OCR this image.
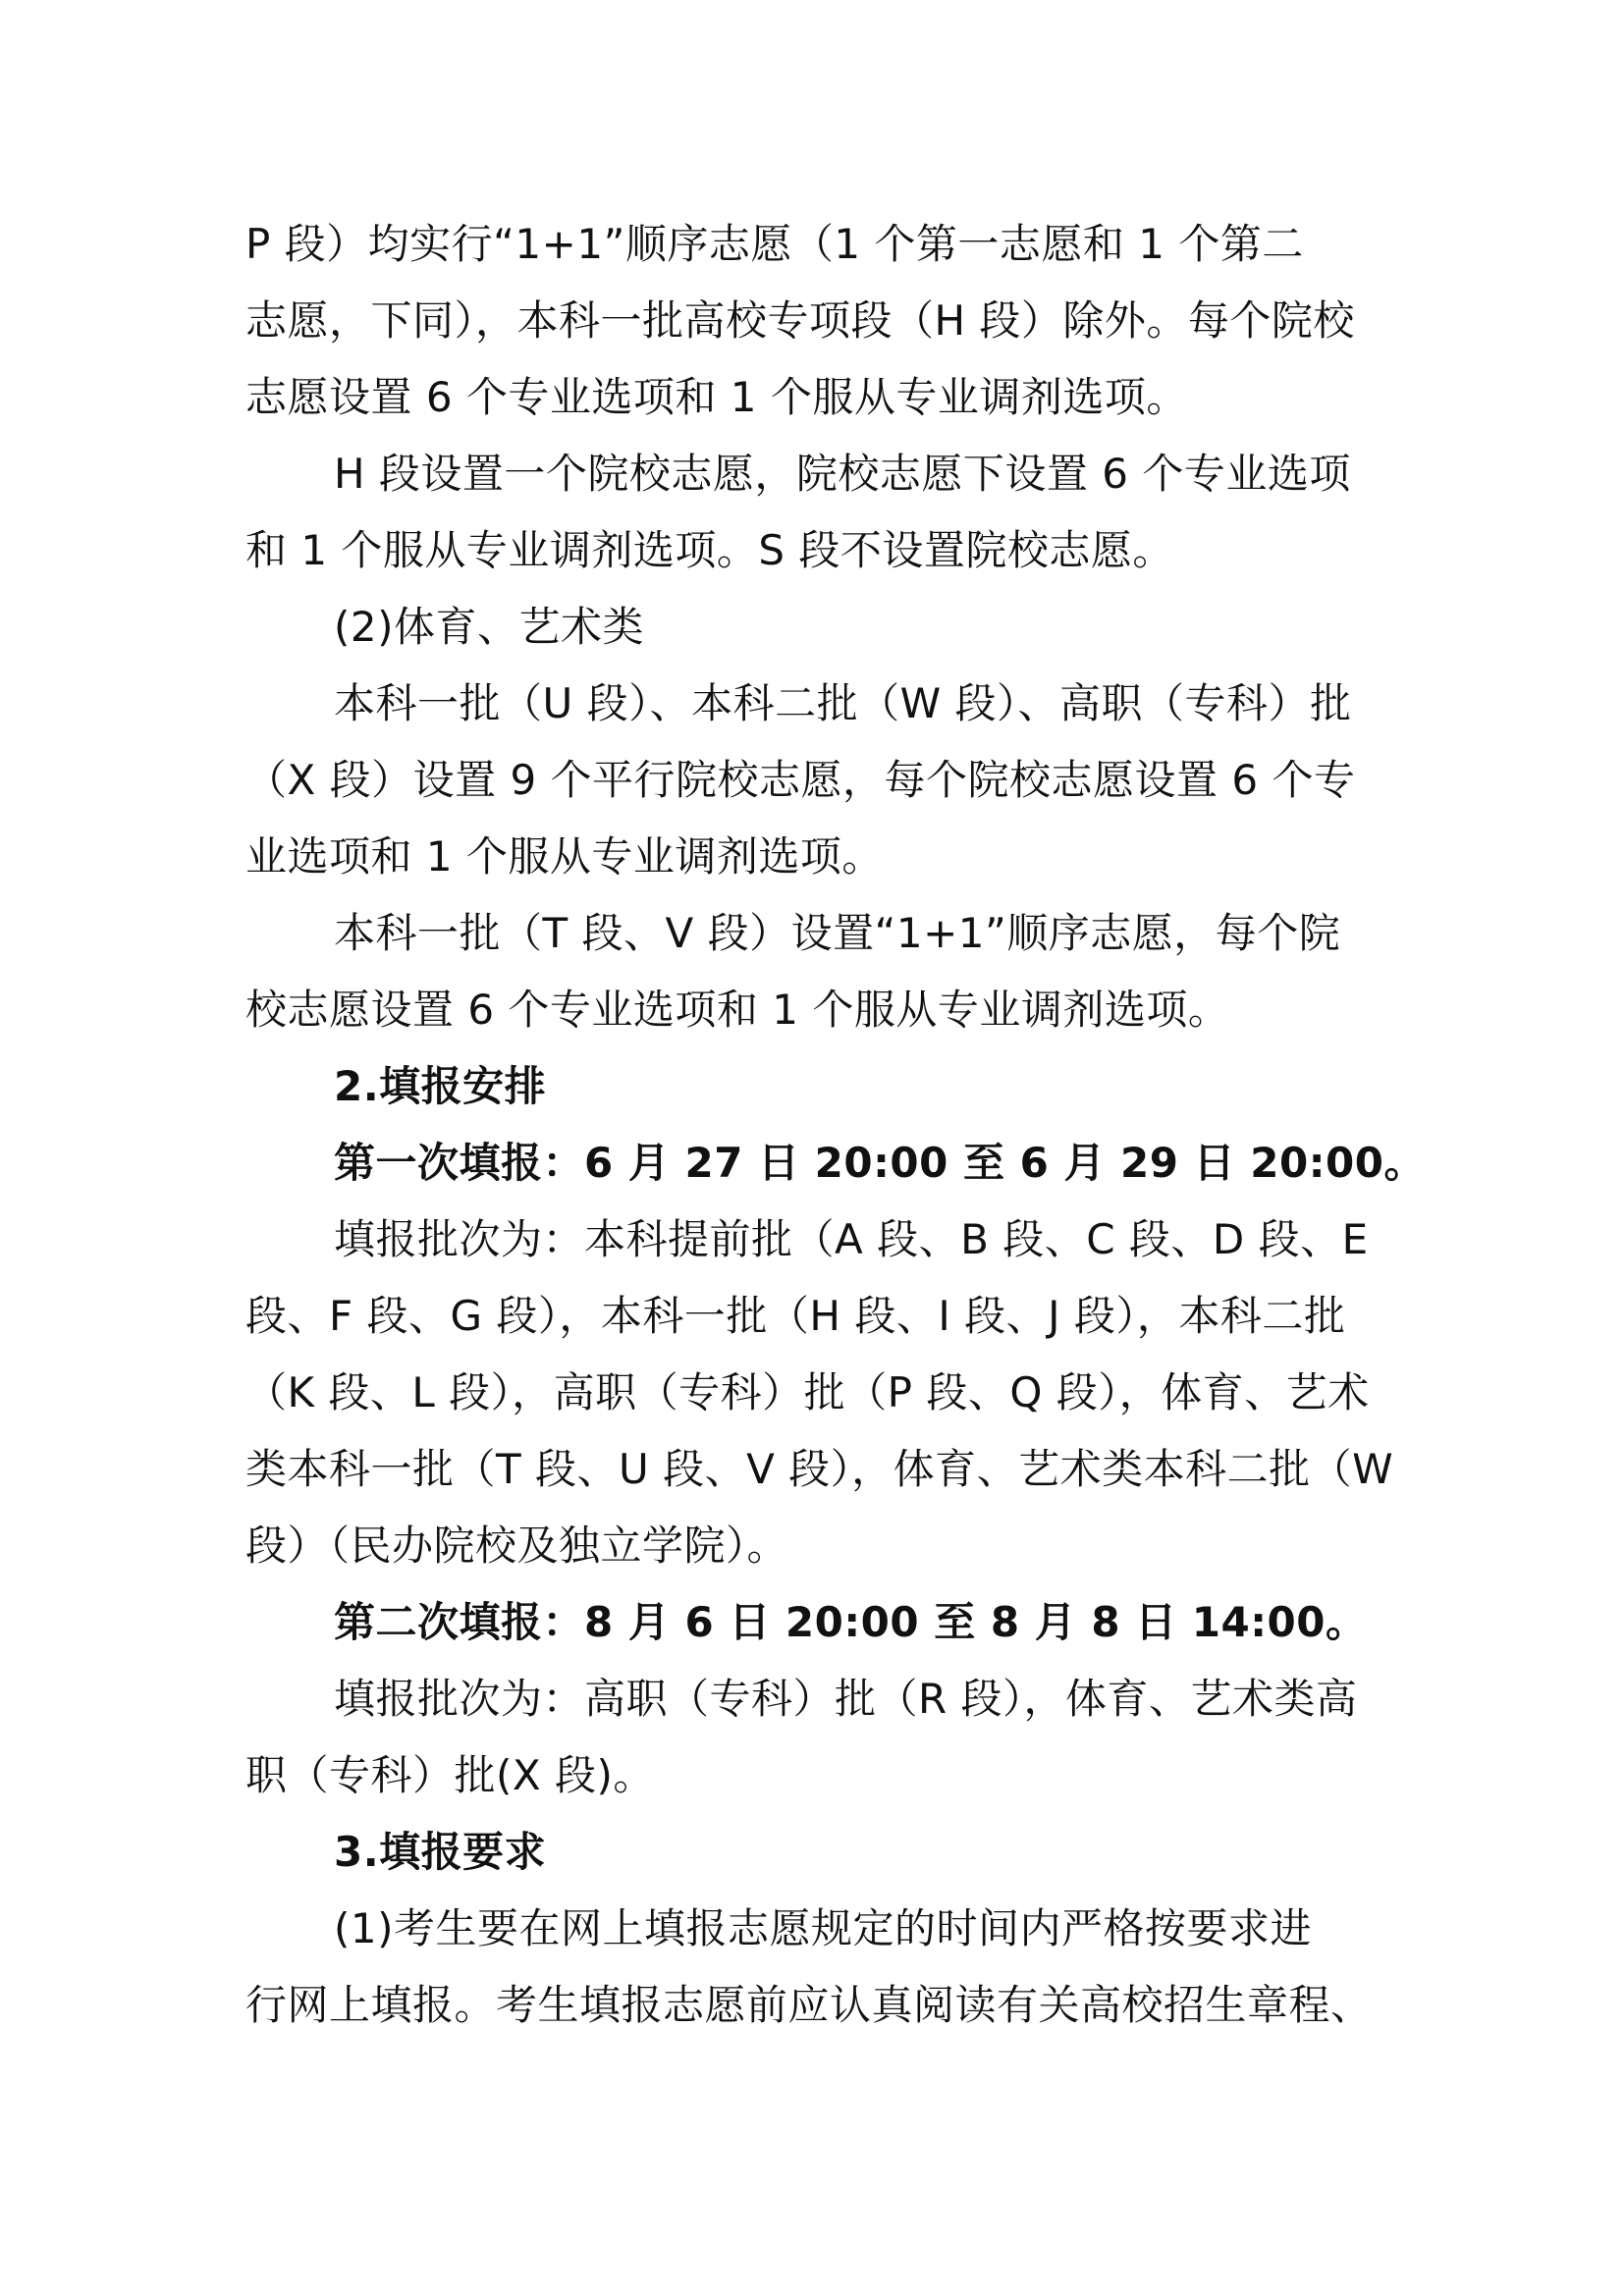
P 段）均实行“1+1”顺序志愿（1 个第一志愿和 1 个第二
志愿，下同），本科一批高校专项段（H 段）除外。每个院校
志愿设置 6 个专业选项和 1 个服从专业调剂选项。
H 段设置一个院校志愿，院校志愿下设置 6 个专业选项
和 1 个服从专业调剂选项。S 段不设置院校志愿。
(2)体育、艺术类
本科一批（U 段）、本科二批（W 段）、高职（专科）批
（X 段）设置 9 个平行院校志愿，每个院校志愿设置 6 个专
业选项和 1 个服从专业调剂选项。
本科一批（T 段、V 段）设置“1+1”顺序志愿，每个院
校志愿设置 6 个专业选项和 1 个服从专业调剂选项。
2.填报安排
第一次填报：6 月 27 日 20:00 至 6 月 29 日 20:00。
填报批次为：本科提前批（A 段、B 段、C 段、D 段、E
段、F 段、G 段），本科一批（H 段、I 段、J 段），本科二批
（K 段、L 段），高职（专科）批（P 段、Q 段），体育、艺术
类本科一批（T 段、U 段、V 段），体育、艺术类本科二批（W
段）（民办院校及独立学院）。
第二次填报：8 月 6 日 20:00 至 8 月 8 日 14:00。
填报批次为：高职（专科）批（R 段），体育、艺术类高
职（专科）批(X 段)。
3.填报要求
(1)考生要在网上填报志愿规定的时间内严格按要求进
行网上填报。考生填报志愿前应认真阅读有关高校招生章程、
